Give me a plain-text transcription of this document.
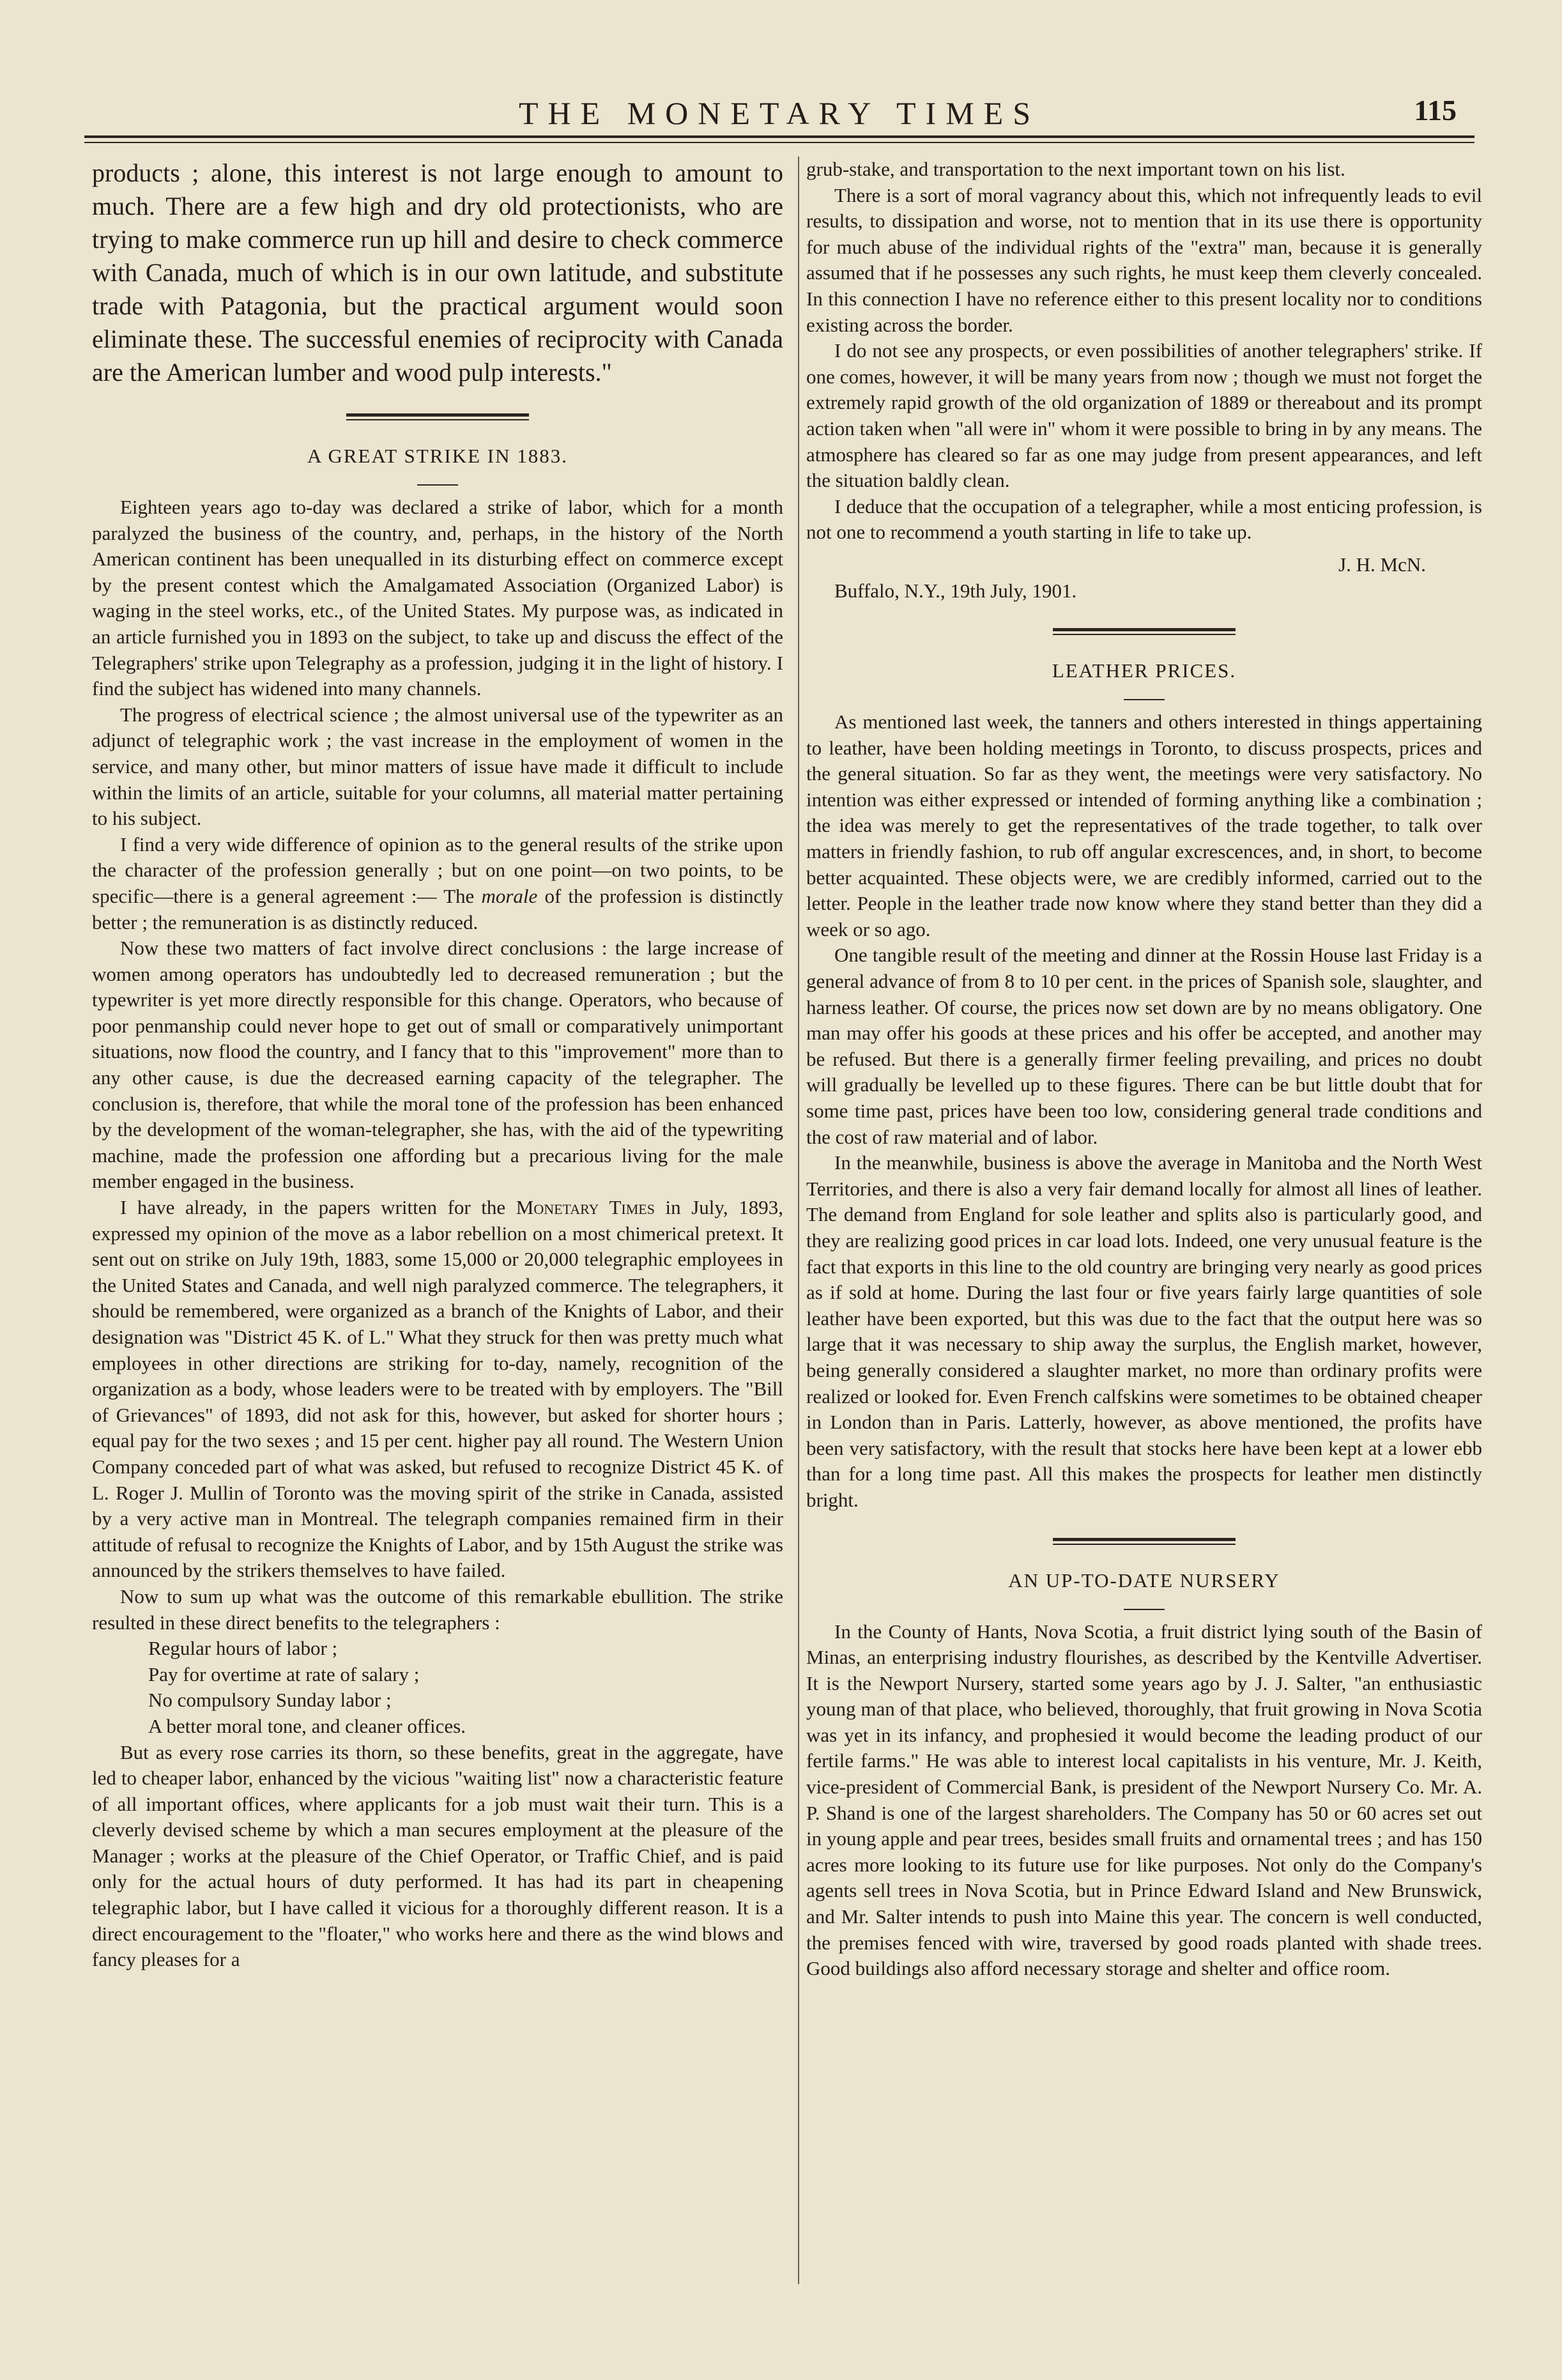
THE MONETARY TIMES	115

products ; alone, this interest is not large enough to amount to much. There are a few high and dry old protectionists, who are trying to make commerce run up hill and desire to check commerce with Canada, much of which is in our own latitude, and substitute trade with Patagonia, but the practical argument would soon eliminate these. The successful enemies of reciprocity with Canada are the American lumber and wood pulp interests."

A GREAT STRIKE IN 1883.

Eighteen years ago to-day was declared a strike of labor, which for a month paralyzed the business of the country, and, perhaps, in the history of the North American continent has been unequalled in its disturbing effect on commerce except by the present contest which the Amalgamated Association (Organized Labor) is waging in the steel works, etc., of the United States. My purpose was, as indicated in an article furnished you in 1893 on the subject, to take up and discuss the effect of the Telegraphers' strike upon Telegraphy as a profession, judging it in the light of history. I find the subject has widened into many channels.

The progress of electrical science ; the almost universal use of the typewriter as an adjunct of telegraphic work ; the vast increase in the employment of women in the service, and many other, but minor matters of issue have made it difficult to include within the limits of an article, suitable for your columns, all material matter pertaining to his subject.

I find a very wide difference of opinion as to the general results of the strike upon the character of the profession generally ; but on one point—on two points, to be specific—there is a general agreement :— The morale of the profession is distinctly better ; the remuneration is as distinctly reduced.

Now these two matters of fact involve direct conclusions : the large increase of women among operators has undoubtedly led to decreased remuneration ; but the typewriter is yet more directly responsible for this change. Operators, who because of poor penmanship could never hope to get out of small or comparatively unimportant situations, now flood the country, and I fancy that to this "improvement" more than to any other cause, is due the decreased earning capacity of the telegrapher. The conclusion is, therefore, that while the moral tone of the profession has been enhanced by the development of the woman-telegrapher, she has, with the aid of the typewriting machine, made the profession one affording but a precarious living for the male member engaged in the business.

I have already, in the papers written for the Monetary Times in July, 1893, expressed my opinion of the move as a labor rebellion on a most chimerical pretext. It sent out on strike on July 19th, 1883, some 15,000 or 20,000 telegraphic employees in the United States and Canada, and well nigh paralyzed commerce. The telegraphers, it should be remembered, were organized as a branch of the Knights of Labor, and their designation was "District 45 K. of L." What they struck for then was pretty much what employees in other directions are striking for to-day, namely, recognition of the organization as a body, whose leaders were to be treated with by employers. The "Bill of Grievances" of 1893, did not ask for this, however, but asked for shorter hours ; equal pay for the two sexes ; and 15 per cent. higher pay all round. The Western Union Company conceded part of what was asked, but refused to recognize District 45 K. of L. Roger J. Mullin of Toronto was the moving spirit of the strike in Canada, assisted by a very active man in Montreal. The telegraph companies remained firm in their attitude of refusal to recognize the Knights of Labor, and by 15th August the strike was announced by the strikers themselves to have failed.

Now to sum up what was the outcome of this remarkable ebullition. The strike resulted in these direct benefits to the telegraphers :

Regular hours of labor ;

Pay for overtime at rate of salary ;

No compulsory Sunday labor ;

A better moral tone, and cleaner offices.

But as every rose carries its thorn, so these benefits, great in the aggregate, have led to cheaper labor, enhanced by the vicious "waiting list" now a characteristic feature of all important offices, where applicants for a job must wait their turn. This is a cleverly devised scheme by which a man secures employment at the pleasure of the Manager ; works at the pleasure of the Chief Operator, or Traffic Chief, and is paid only for the actual hours of duty performed. It has had its part in cheapening telegraphic labor, but I have called it vicious for a thoroughly different reason. It is a direct encouragement to the "floater," who works here and there as the wind blows and fancy pleases for a

grub-stake, and transportation to the next important town on his list.

There is a sort of moral vagrancy about this, which not infrequently leads to evil results, to dissipation and worse, not to mention that in its use there is opportunity for much abuse of the individual rights of the "extra" man, because it is generally assumed that if he possesses any such rights, he must keep them cleverly concealed. In this connection I have no reference either to this present locality nor to conditions existing across the border.

I do not see any prospects, or even possibilities of another telegraphers' strike. If one comes, however, it will be many years from now ; though we must not forget the extremely rapid growth of the old organization of 1889 or thereabout and its prompt action taken when "all were in" whom it were possible to bring in by any means. The atmosphere has cleared so far as one may judge from present appearances, and left the situation baldly clean.

I deduce that the occupation of a telegrapher, while a most enticing profession, is not one to recommend a youth starting in life to take up.

J. H. McN.

Buffalo, N.Y., 19th July, 1901.

LEATHER PRICES.

As mentioned last week, the tanners and others interested in things appertaining to leather, have been holding meetings in Toronto, to discuss prospects, prices and the general situation. So far as they went, the meetings were very satisfactory. No intention was either expressed or intended of forming anything like a combination ; the idea was merely to get the representatives of the trade together, to talk over matters in friendly fashion, to rub off angular excrescences, and, in short, to become better acquainted. These objects were, we are credibly informed, carried out to the letter. People in the leather trade now know where they stand better than they did a week or so ago.

One tangible result of the meeting and dinner at the Rossin House last Friday is a general advance of from 8 to 10 per cent. in the prices of Spanish sole, slaughter, and harness leather. Of course, the prices now set down are by no means obligatory. One man may offer his goods at these prices and his offer be accepted, and another may be refused. But there is a generally firmer feeling prevailing, and prices no doubt will gradually be levelled up to these figures. There can be but little doubt that for some time past, prices have been too low, considering general trade conditions and the cost of raw material and of labor.

In the meanwhile, business is above the average in Manitoba and the North West Territories, and there is also a very fair demand locally for almost all lines of leather. The demand from England for sole leather and splits also is particularly good, and they are realizing good prices in car load lots. Indeed, one very unusual feature is the fact that exports in this line to the old country are bringing very nearly as good prices as if sold at home. During the last four or five years fairly large quantities of sole leather have been exported, but this was due to the fact that the output here was so large that it was necessary to ship away the surplus, the English market, however, being generally considered a slaughter market, no more than ordinary profits were realized or looked for. Even French calfskins were sometimes to be obtained cheaper in London than in Paris. Latterly, however, as above mentioned, the profits have been very satisfactory, with the result that stocks here have been kept at a lower ebb than for a long time past. All this makes the prospects for leather men distinctly bright.

AN UP-TO-DATE NURSERY

In the County of Hants, Nova Scotia, a fruit district lying south of the Basin of Minas, an enterprising industry flourishes, as described by the Kentville Advertiser. It is the Newport Nursery, started some years ago by J. J. Salter, "an enthusiastic young man of that place, who believed, thoroughly, that fruit growing in Nova Scotia was yet in its infancy, and prophesied it would become the leading product of our fertile farms." He was able to interest local capitalists in his venture, Mr. J. Keith, vice-president of Commercial Bank, is president of the Newport Nursery Co. Mr. A. P. Shand is one of the largest shareholders. The Company has 50 or 60 acres set out in young apple and pear trees, besides small fruits and ornamental trees ; and has 150 acres more looking to its future use for like purposes. Not only do the Company's agents sell trees in Nova Scotia, but in Prince Edward Island and New Brunswick, and Mr. Salter intends to push into Maine this year. The concern is well conducted, the premises fenced with wire, traversed by good roads planted with shade trees. Good buildings also afford necessary storage and shelter and office room.
